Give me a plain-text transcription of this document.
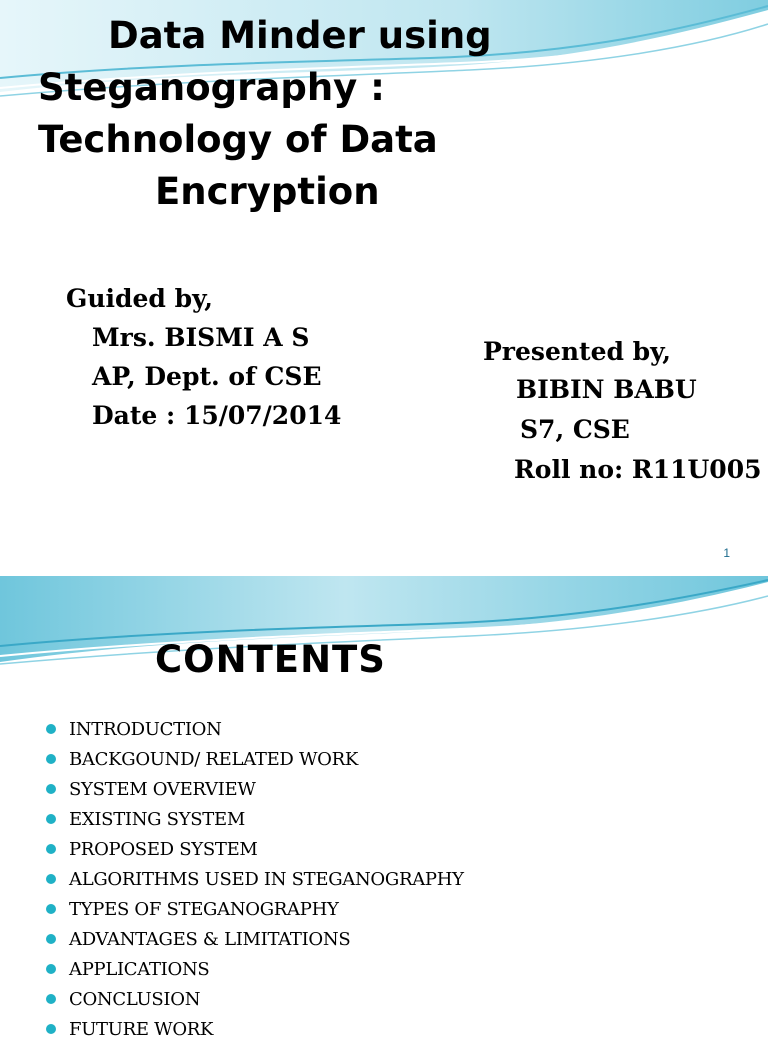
Data Minder using
Steganography :
Technology of Data
Encryption

Guided by,

Mrs. BISMI A S

AP, Dept. of CSE

Date : 15/07/2014

Presented by,

BIBIN BABU

S7, CSE

Roll no: R11U005

1
CONTENTS
INTRODUCTION
BACKGOUND/ RELATED WORK
SYSTEM OVERVIEW
EXISTING SYSTEM
PROPOSED SYSTEM
ALGORITHMS USED IN STEGANOGRAPHY
TYPES OF STEGANOGRAPHY
ADVANTAGES & LIMITATIONS
APPLICATIONS
CONCLUSION
FUTURE WORK
